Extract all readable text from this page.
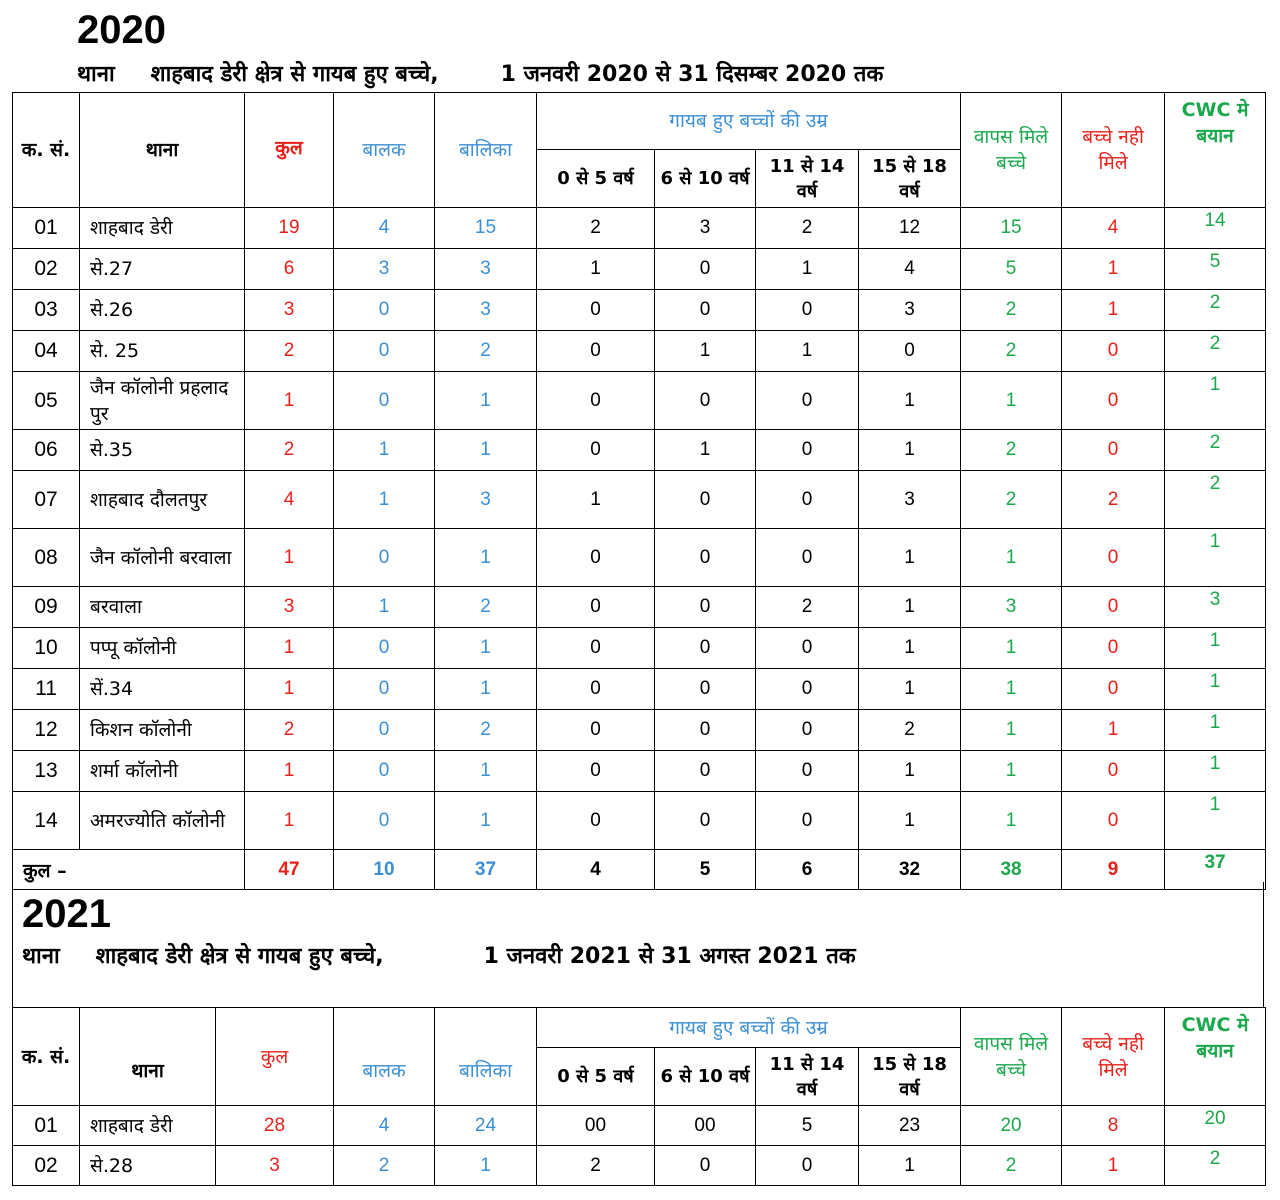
2020
थाना शाहबाद डेरी क्षेत्र से गायब हुए बच्चे,	1 जनवरी 2020 से 31 दिसम्बर 2020 तक
क. सं.	थाना	कुल	बालक	बालिका	गायब हुए बच्चों की उम्र				वापस मिले बच्चे	बच्चे नही मिले	CWC मे बयान
					0 से 5 वर्ष	6 से 10 वर्ष	11 से 14 वर्ष	15 से 18 वर्ष			
01	शाहबाद डेरी	19	4	15	2	3	2	12	15	4	14
02	से.27	6	3	3	1	0	1	4	5	1	5
03	से.26	3	0	3	0	0	0	3	2	1	2
04	से. 25	2	0	2	0	1	1	0	2	0	2
05	जैन कॉलोनी प्रहलाद पुर	1	0	1	0	0	0	1	1	0	1
06	से.35	2	1	1	0	1	0	1	2	0	2
07	शाहबाद दौलतपुर	4	1	3	1	0	0	3	2	2	2
08	जैन कॉलोनी बरवाला	1	0	1	0	0	0	1	1	0	1
09	बरवाला	3	1	2	0	0	2	1	3	0	3
10	पप्पू कॉलोनी	1	0	1	0	0	0	1	1	0	1
11	सें.34	1	0	1	0	0	0	1	1	0	1
12	किशन कॉलोनी	2	0	2	0	0	0	2	1	1	1
13	शर्मा कॉलोनी	1	0	1	0	0	0	1	1	0	1
14	अमरज्योति कॉलोनी	1	0	1	0	0	0	1	1	0	1
कुल –		47	10	37	4	5	6	32	38	9	37
2021
थाना शाहबाद डेरी क्षेत्र से गायब हुए बच्चे,	1 जनवरी 2021 से 31 अगस्त 2021 तक
क. सं.	थाना	कुल	बालक	बालिका	गायब हुए बच्चों की उम्र				वापस मिले बच्चे	बच्चे नही मिले	CWC मे बयान
					0 से 5 वर्ष	6 से 10 वर्ष	11 से 14 वर्ष	15 से 18 वर्ष			
01	शाहबाद डेरी	28	4	24	00	00	5	23	20	8	20
02	से.28	3	2	1	2	0	0	1	2	1	2
